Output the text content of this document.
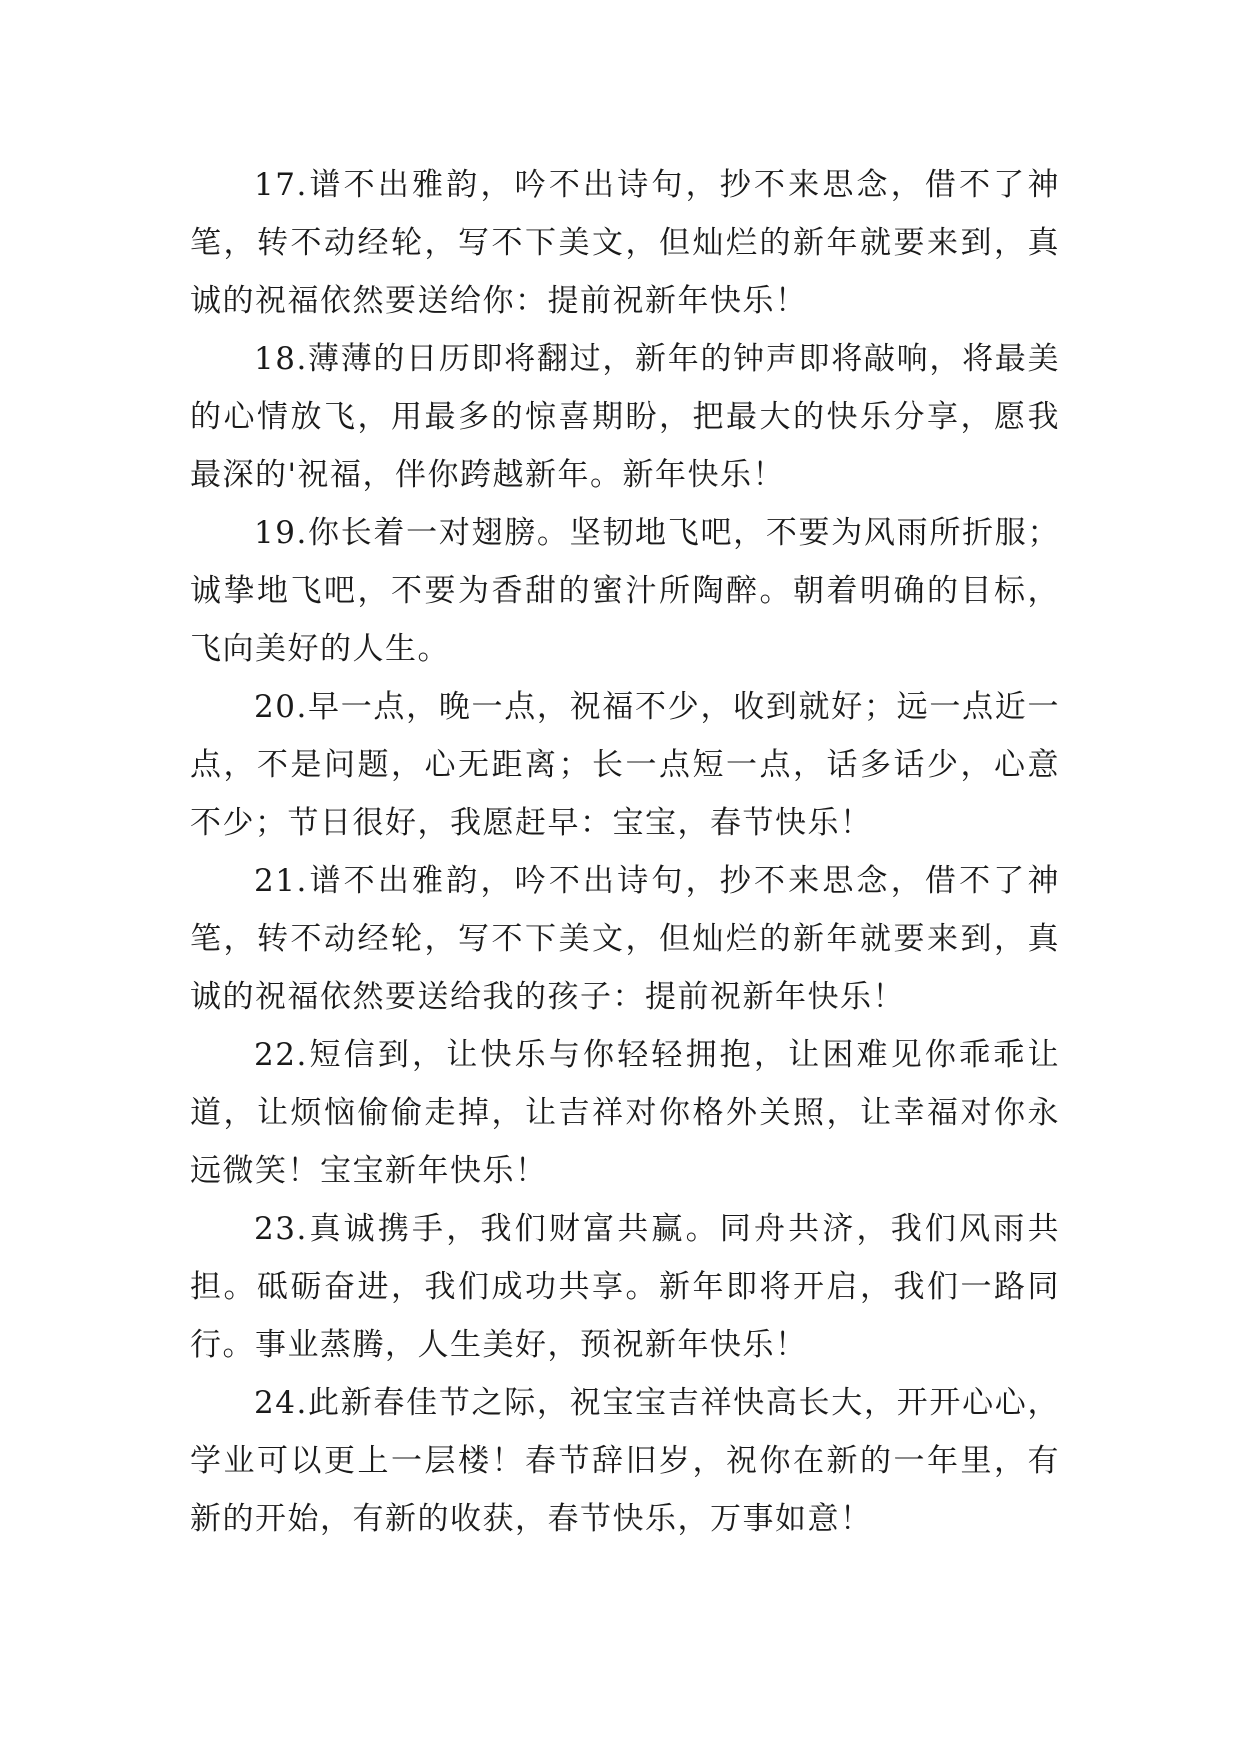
17.谱不出雅韵，吟不出诗句，抄不来思念，借不了神笔，转不动经轮，写不下美文，但灿烂的新年就要来到，真诚的祝福依然要送给你：提前祝新年快乐！

18.薄薄的日历即将翻过，新年的钟声即将敲响，将最美的心情放飞，用最多的惊喜期盼，把最大的快乐分享，愿我最深的'祝福，伴你跨越新年。新年快乐！

19.你长着一对翅膀。坚韧地飞吧，不要为风雨所折服；诚挚地飞吧，不要为香甜的蜜汁所陶醉。朝着明确的目标，飞向美好的人生。

20.早一点，晚一点，祝福不少，收到就好；远一点近一点，不是问题，心无距离；长一点短一点，话多话少，心意不少；节日很好，我愿赶早：宝宝，春节快乐！

21.谱不出雅韵，吟不出诗句，抄不来思念，借不了神笔，转不动经轮，写不下美文，但灿烂的新年就要来到，真诚的祝福依然要送给我的孩子：提前祝新年快乐！

22.短信到，让快乐与你轻轻拥抱，让困难见你乖乖让道，让烦恼偷偷走掉，让吉祥对你格外关照，让幸福对你永远微笑！宝宝新年快乐！

23.真诚携手，我们财富共赢。同舟共济，我们风雨共担。砥砺奋进，我们成功共享。新年即将开启，我们一路同行。事业蒸腾，人生美好，预祝新年快乐！

24.此新春佳节之际，祝宝宝吉祥快高长大，开开心心，学业可以更上一层楼！春节辞旧岁，祝你在新的一年里，有新的开始，有新的收获，春节快乐，万事如意！
